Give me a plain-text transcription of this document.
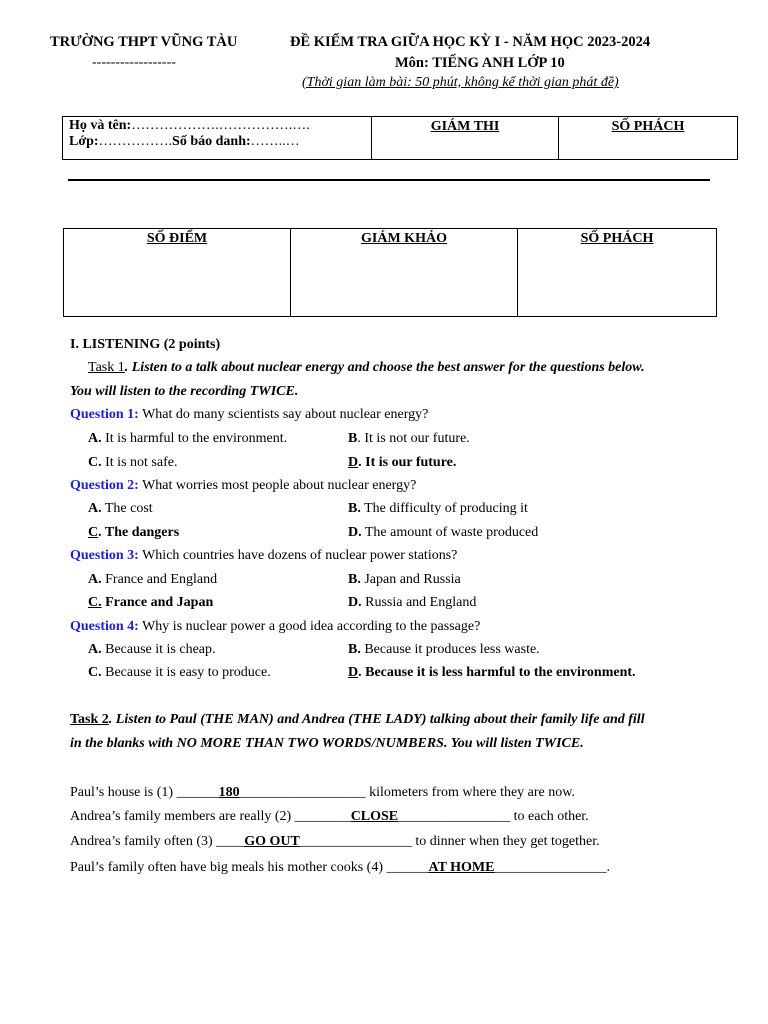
TRƯỜNG THPT VŨNG TÀU
------------------
ĐỀ KIỂM TRA GIỮA HỌC KỲ I - NĂM HỌC 2023-2024
Môn: TIẾNG ANH LỚP 10
(Thời gian làm bài: 50 phút, không kể thời gian phát đề)
Họ và tên:……………….…………….….
Lớp:…………….Số báo danh:……..…
	GIÁM THI	SỐ PHÁCH
SỐ ĐIỂM	GIÁM KHẢO	SỐ PHÁCH
I. LISTENING (2 points)
Task 1. Listen to a talk about nuclear energy and choose the best answer for the questions below.
You will listen to the recording TWICE.
Question 1: What do many scientists say about nuclear energy?
A. It is harmful to the environment.	B. It is not our future.
C. It is not safe.	D. It is our future.
Question 2: What worries most people about nuclear energy?
A. The cost	B. The difficulty of producing it
C. The dangers	D. The amount of waste produced
Question 3: Which countries have dozens of nuclear power stations?
A. France and England	B. Japan and Russia
C. France and Japan	D. Russia and England
Question 4: Why is nuclear power a good idea according to the passage?
A. Because it is cheap.	B. Because it produces less waste.
C. Because it is easy to produce.	D. Because it is less harmful to the environment.
Task 2. Listen to Paul (THE MAN) and Andrea (THE LADY) talking about their family life and fill
in the blanks with NO MORE THAN TWO WORDS/NUMBERS. You will listen TWICE.
Paul’s house is (1) ______180__________________ kilometers from where they are now.
Andrea’s family members are really (2) ________CLOSE________________ to each other.
Andrea’s family often (3) ____GO OUT________________ to dinner when they get together.
Paul’s family often have big meals his mother cooks (4) ______AT HOME________________.
